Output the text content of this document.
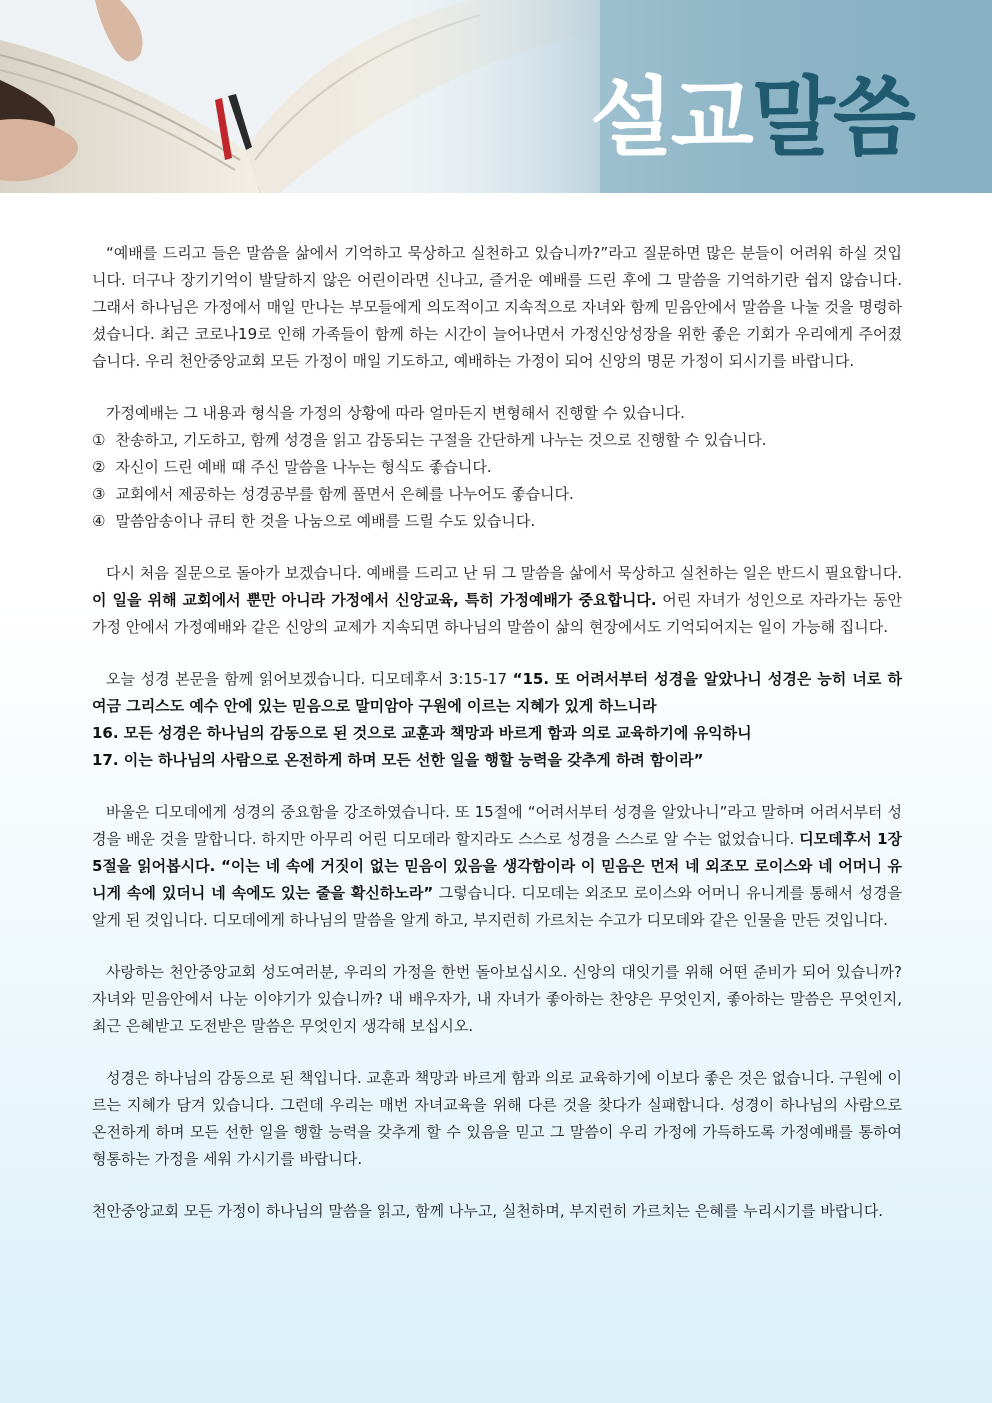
설교말씀

“예배를 드리고 들은 말씀을 삶에서 기억하고 묵상하고 실천하고 있습니까?”라고 질문하면 많은 분들이 어려워 하실 것입니다. 더구나 장기기억이 발달하지 않은 어린이라면 신나고, 즐거운 예배를 드린 후에 그 말씀을 기억하기란 쉽지 않습니다. 그래서 하나님은 가정에서 매일 만나는 부모들에게 의도적이고 지속적으로 자녀와 함께 믿음안에서 말씀을 나눌 것을 명령하셨습니다. 최근 코로나19로 인해 가족들이 함께 하는 시간이 늘어나면서 가정신앙성장을 위한 좋은 기회가 우리에게 주어졌습니다. 우리 천안중앙교회 모든 가정이 매일 기도하고, 예배하는 가정이 되어 신앙의 명문 가정이 되시기를 바랍니다.

가정예배는 그 내용과 형식을 가정의 상황에 따라 얼마든지 변형해서 진행할 수 있습니다.

① 찬송하고, 기도하고, 함께 성경을 읽고 감동되는 구절을 간단하게 나누는 것으로 진행할 수 있습니다.
② 자신이 드린 예배 때 주신 말씀을 나누는 형식도 좋습니다.
③ 교회에서 제공하는 성경공부를 함께 풀면서 은혜를 나누어도 좋습니다.
④ 말씀암송이나 큐티 한 것을 나눔으로 예배를 드릴 수도 있습니다.

다시 처음 질문으로 돌아가 보겠습니다. 예배를 드리고 난 뒤 그 말씀을 삶에서 묵상하고 실천하는 일은 반드시 필요합니다. 이 일을 위해 교회에서 뿐만 아니라 가정에서 신앙교육, 특히 가정예배가 중요합니다. 어린 자녀가 성인으로 자라가는 동안 가정 안에서 가정예배와 같은 신앙의 교제가 지속되면 하나님의 말씀이 삶의 현장에서도 기억되어지는 일이 가능해 집니다.

오늘 성경 본문을 함께 읽어보겠습니다. 디모데후서 3:15-17 “15. 또 어려서부터 성경을 알았나니 성경은 능히 너로 하여금 그리스도 예수 안에 있는 믿음으로 말미암아 구원에 이르는 지혜가 있게 하느니라
16. 모든 성경은 하나님의 감동으로 된 것으로 교훈과 책망과 바르게 함과 의로 교육하기에 유익하니
17. 이는 하나님의 사람으로 온전하게 하며 모든 선한 일을 행할 능력을 갖추게 하려 함이라”

바울은 디모데에게 성경의 중요함을 강조하였습니다. 또 15절에 “어려서부터 성경을 알았나니”라고 말하며 어려서부터 성경을 배운 것을 말합니다. 하지만 아무리 어린 디모데라 할지라도 스스로 성경을 스스로 알 수는 없었습니다. 디모데후서 1장 5절을 읽어봅시다. “이는 네 속에 거짓이 없는 믿음이 있음을 생각함이라 이 믿음은 먼저 네 외조모 로이스와 네 어머니 유니게 속에 있더니 네 속에도 있는 줄을 확신하노라” 그렇습니다. 디모데는 외조모 로이스와 어머니 유니게를 통해서 성경을 알게 된 것입니다. 디모데에게 하나님의 말씀을 알게 하고, 부지런히 가르치는 수고가 디모데와 같은 인물을 만든 것입니다.

사랑하는 천안중앙교회 성도여러분, 우리의 가정을 한번 돌아보십시오. 신앙의 대잇기를 위해 어떤 준비가 되어 있습니까? 자녀와 믿음안에서 나눈 이야기가 있습니까? 내 배우자가, 내 자녀가 좋아하는 찬양은 무엇인지, 좋아하는 말씀은 무엇인지, 최근 은혜받고 도전받은 말씀은 무엇인지 생각해 보십시오.

성경은 하나님의 감동으로 된 책입니다. 교훈과 책망과 바르게 함과 의로 교육하기에 이보다 좋은 것은 없습니다. 구원에 이르는 지혜가 담겨 있습니다. 그런데 우리는 매번 자녀교육을 위해 다른 것을 찾다가 실패합니다. 성경이 하나님의 사람으로 온전하게 하며 모든 선한 일을 행할 능력을 갖추게 할 수 있음을 믿고 그 말씀이 우리 가정에 가득하도록 가정예배를 통하여 형통하는 가정을 세워 가시기를 바랍니다.

천안중앙교회 모든 가정이 하나님의 말씀을 읽고, 함께 나누고, 실천하며, 부지런히 가르치는 은혜를 누리시기를 바랍니다.
